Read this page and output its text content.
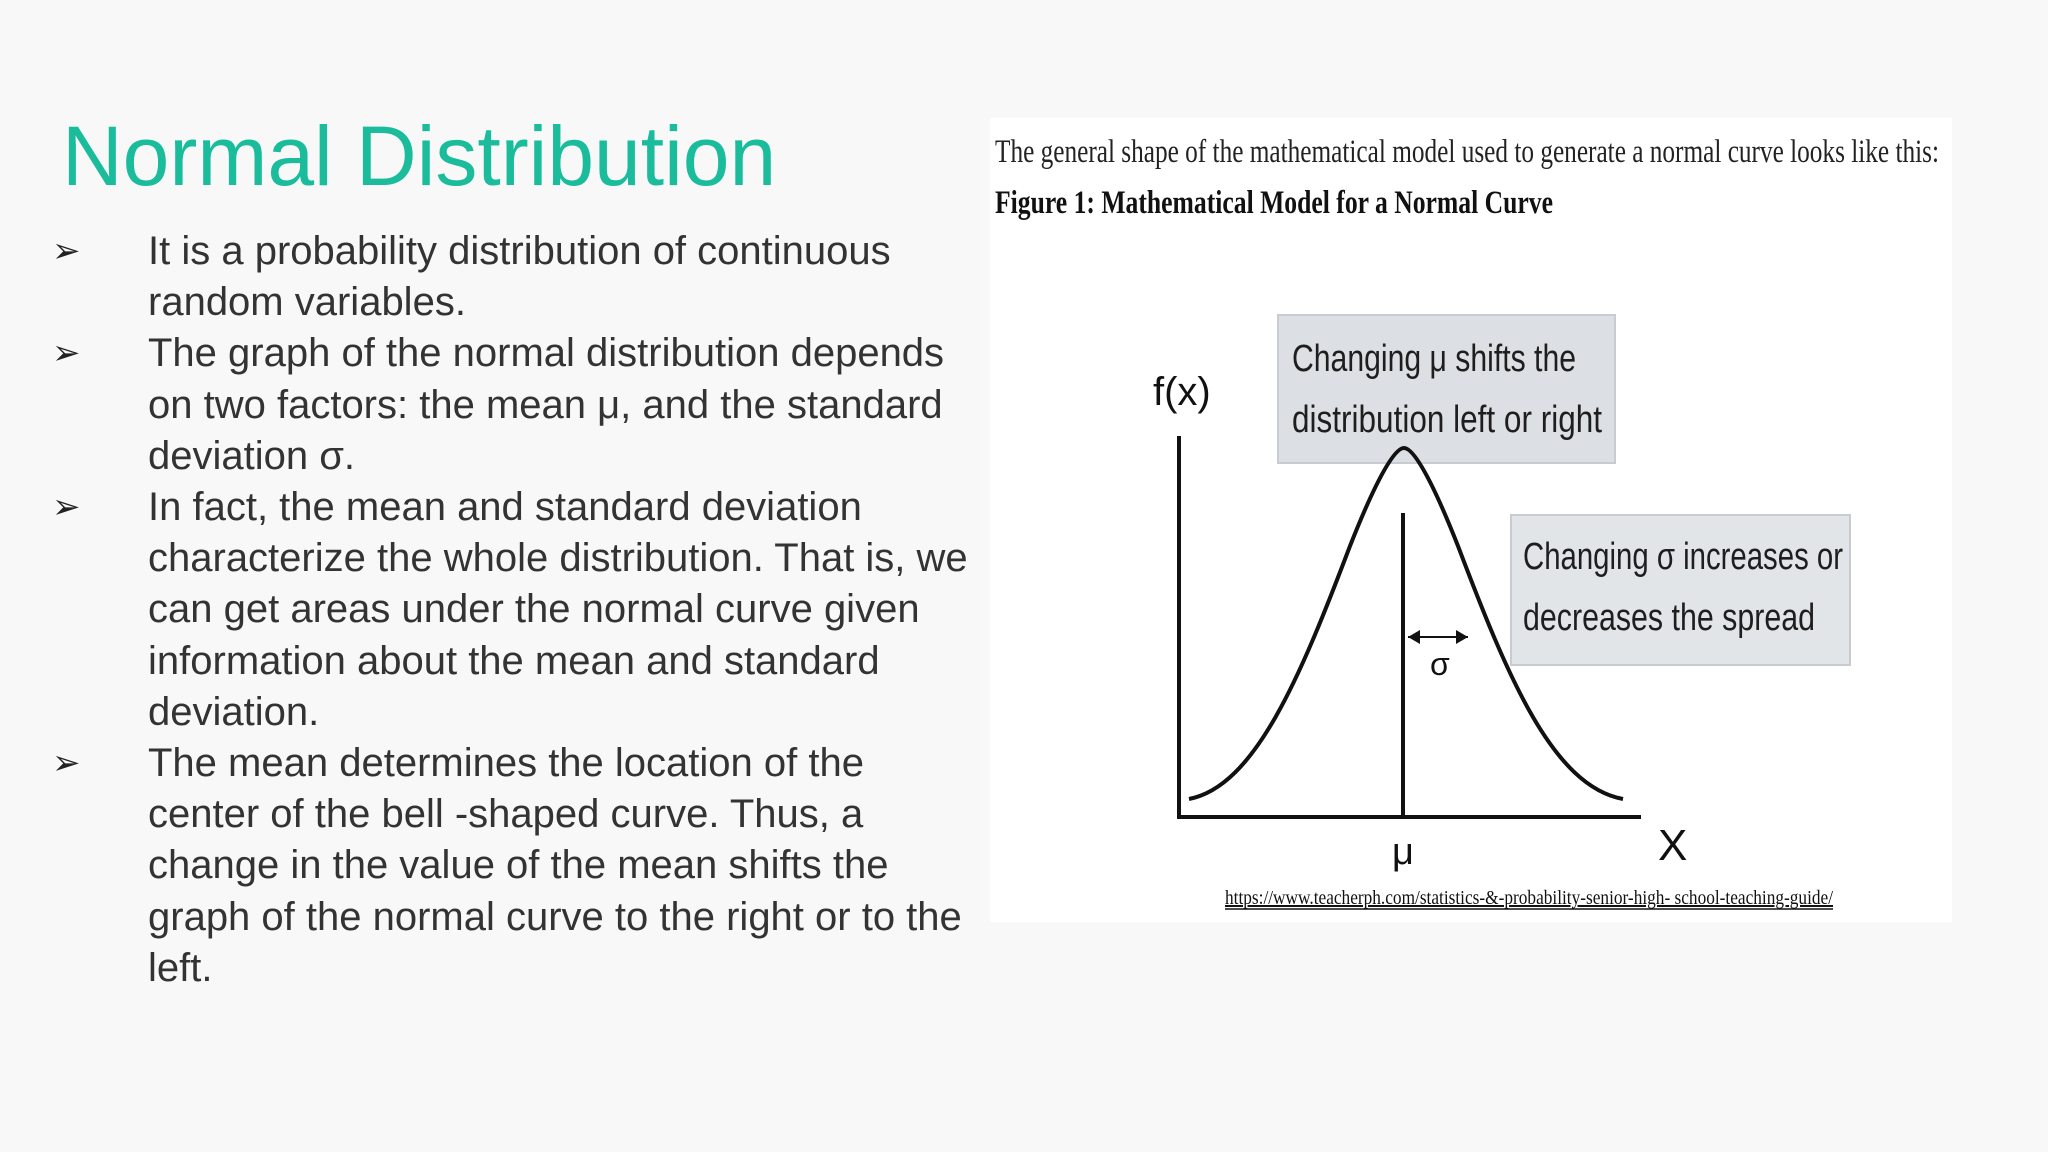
Normal Distribution
➢ It is a probability distribution of continuous random variables.
➢ The graph of the normal distribution depends on two factors: the mean μ, and the standard deviation σ.
➢ In fact, the mean and standard deviation characterize the whole distribution. That is, we can get areas under the normal curve given information about the mean and standard deviation.
➢ The mean determines the location of the center of the bell -shaped curve. Thus, a change in the value of the mean shifts the graph of the normal curve to the right or to the left.
The general shape of the mathematical model used to generate a normal curve looks like this:
Figure 1: Mathematical Model for a Normal Curve
Changing μ shifts the
distribution left or right
Changing σ increases or
decreases the spread
f(x)
X
μ
σ
https://www.teacherph.com/statistics-&-probability-senior-high- school-teaching-guide/
